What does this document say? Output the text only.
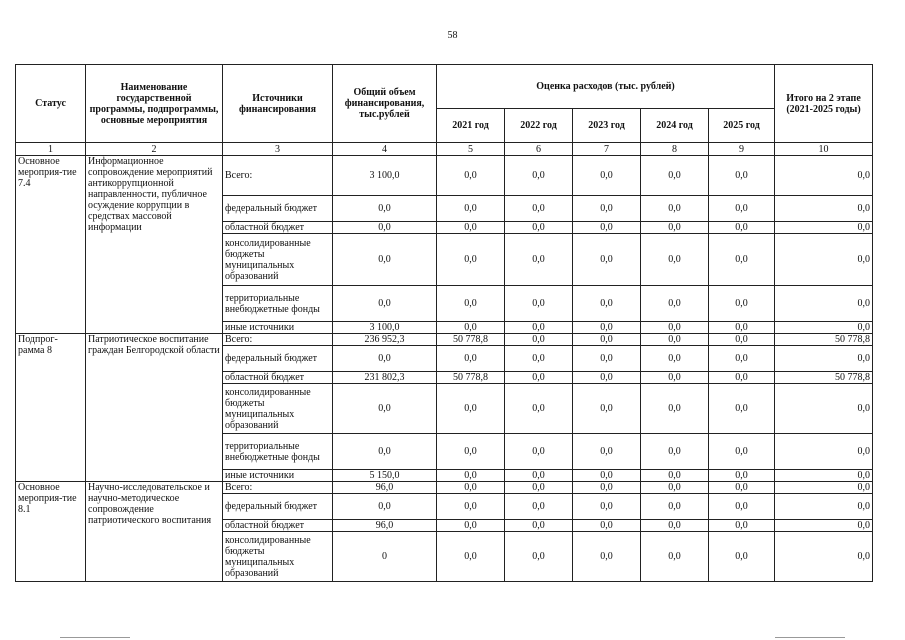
58
Статус	Наименование государственной программы, подпрограммы, основные мероприятия	Источники финансирования	Общий объем финансирования, тыс.рублей	Оценка расходов (тыс. рублей)					Итого на 2 этапе (2021-2025 годы)
				2021 год	2022 год	2023 год	2024 год	2025 год	
1	2	3	4	5	6	7	8	9	10
Основное мероприя-тие 7.4	Информационное сопровождение мероприятий антикоррупционной направленности, публичное осуждение коррупции в средствах массовой информации	Всего:	3 100,0	0,0	0,0	0,0	0,0	0,0	0,0
		федеральный бюджет	0,0	0,0	0,0	0,0	0,0	0,0	0,0
		областной бюджет	0,0	0,0	0,0	0,0	0,0	0,0	0,0
		консолидированные бюджеты муниципальных образований	0,0	0,0	0,0	0,0	0,0	0,0	0,0
		территориальные внебюджетные фонды	0,0	0,0	0,0	0,0	0,0	0,0	0,0
		иные источники	3 100,0	0,0	0,0	0,0	0,0	0,0	0,0
Подпрог-рамма 8	Патриотическое воспитание граждан Белгородской области	Всего:	236 952,3	50 778,8	0,0	0,0	0,0	0,0	50 778,8
		федеральный бюджет	0,0	0,0	0,0	0,0	0,0	0,0	0,0
		областной бюджет	231 802,3	50 778,8	0,0	0,0	0,0	0,0	50 778,8
		консолидированные бюджеты муниципальных образований	0,0	0,0	0,0	0,0	0,0	0,0	0,0
		территориальные внебюджетные фонды	0,0	0,0	0,0	0,0	0,0	0,0	0,0
		иные источники	5 150,0	0,0	0,0	0,0	0,0	0,0	0,0
Основное мероприя-тие 8.1	Научно-исследовательское и научно-методическое сопровождение патриотического воспитания	Всего:	96,0	0,0	0,0	0,0	0,0	0,0	0,0
		федеральный бюджет	0,0	0,0	0,0	0,0	0,0	0,0	0,0
		областной бюджет	96,0	0,0	0,0	0,0	0,0	0,0	0,0
		консолидированные бюджеты муниципальных образований	0	0,0	0,0	0,0	0,0	0,0	0,0
